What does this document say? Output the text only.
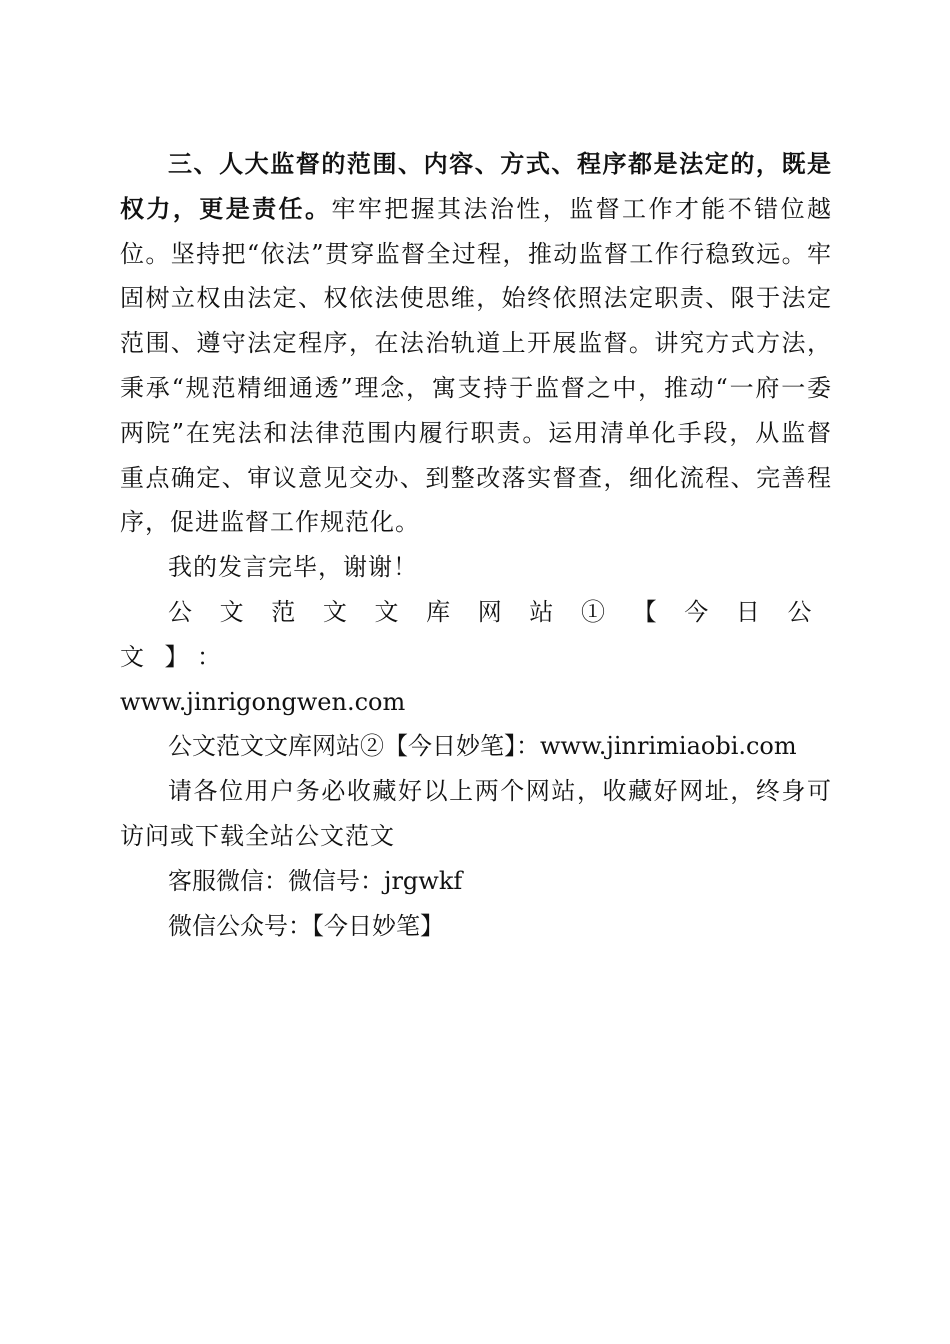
三、人大监督的范围、内容、方式、程序都是法定的，既是权力，更是责任。牢牢把握其法治性，监督工作才能不错位越位。坚持把“依法”贯穿监督全过程，推动监督工作行稳致远。牢固树立权由法定、权依法使思维，始终依照法定职责、限于法定范围、遵守法定程序，在法治轨道上开展监督。讲究方式方法，秉承“规范精细通透”理念，寓支持于监督之中，推动“一府一委两院”在宪法和法律范围内履行职责。运用清单化手段，从监督重点确定、审议意见交办、到整改落实督查，细化流程、完善程序，促进监督工作规范化。

我的发言完毕，谢谢！

公文范文文库网站①【今日公文】：
www.jinrigongwen.com

公文范文文库网站②【今日妙笔】：www.jinrimiaobi.com

请各位用户务必收藏好以上两个网站，收藏好网址，终身可访问或下载全站公文范文

客服微信：微信号：jrgwkf

微信公众号：【今日妙笔】
